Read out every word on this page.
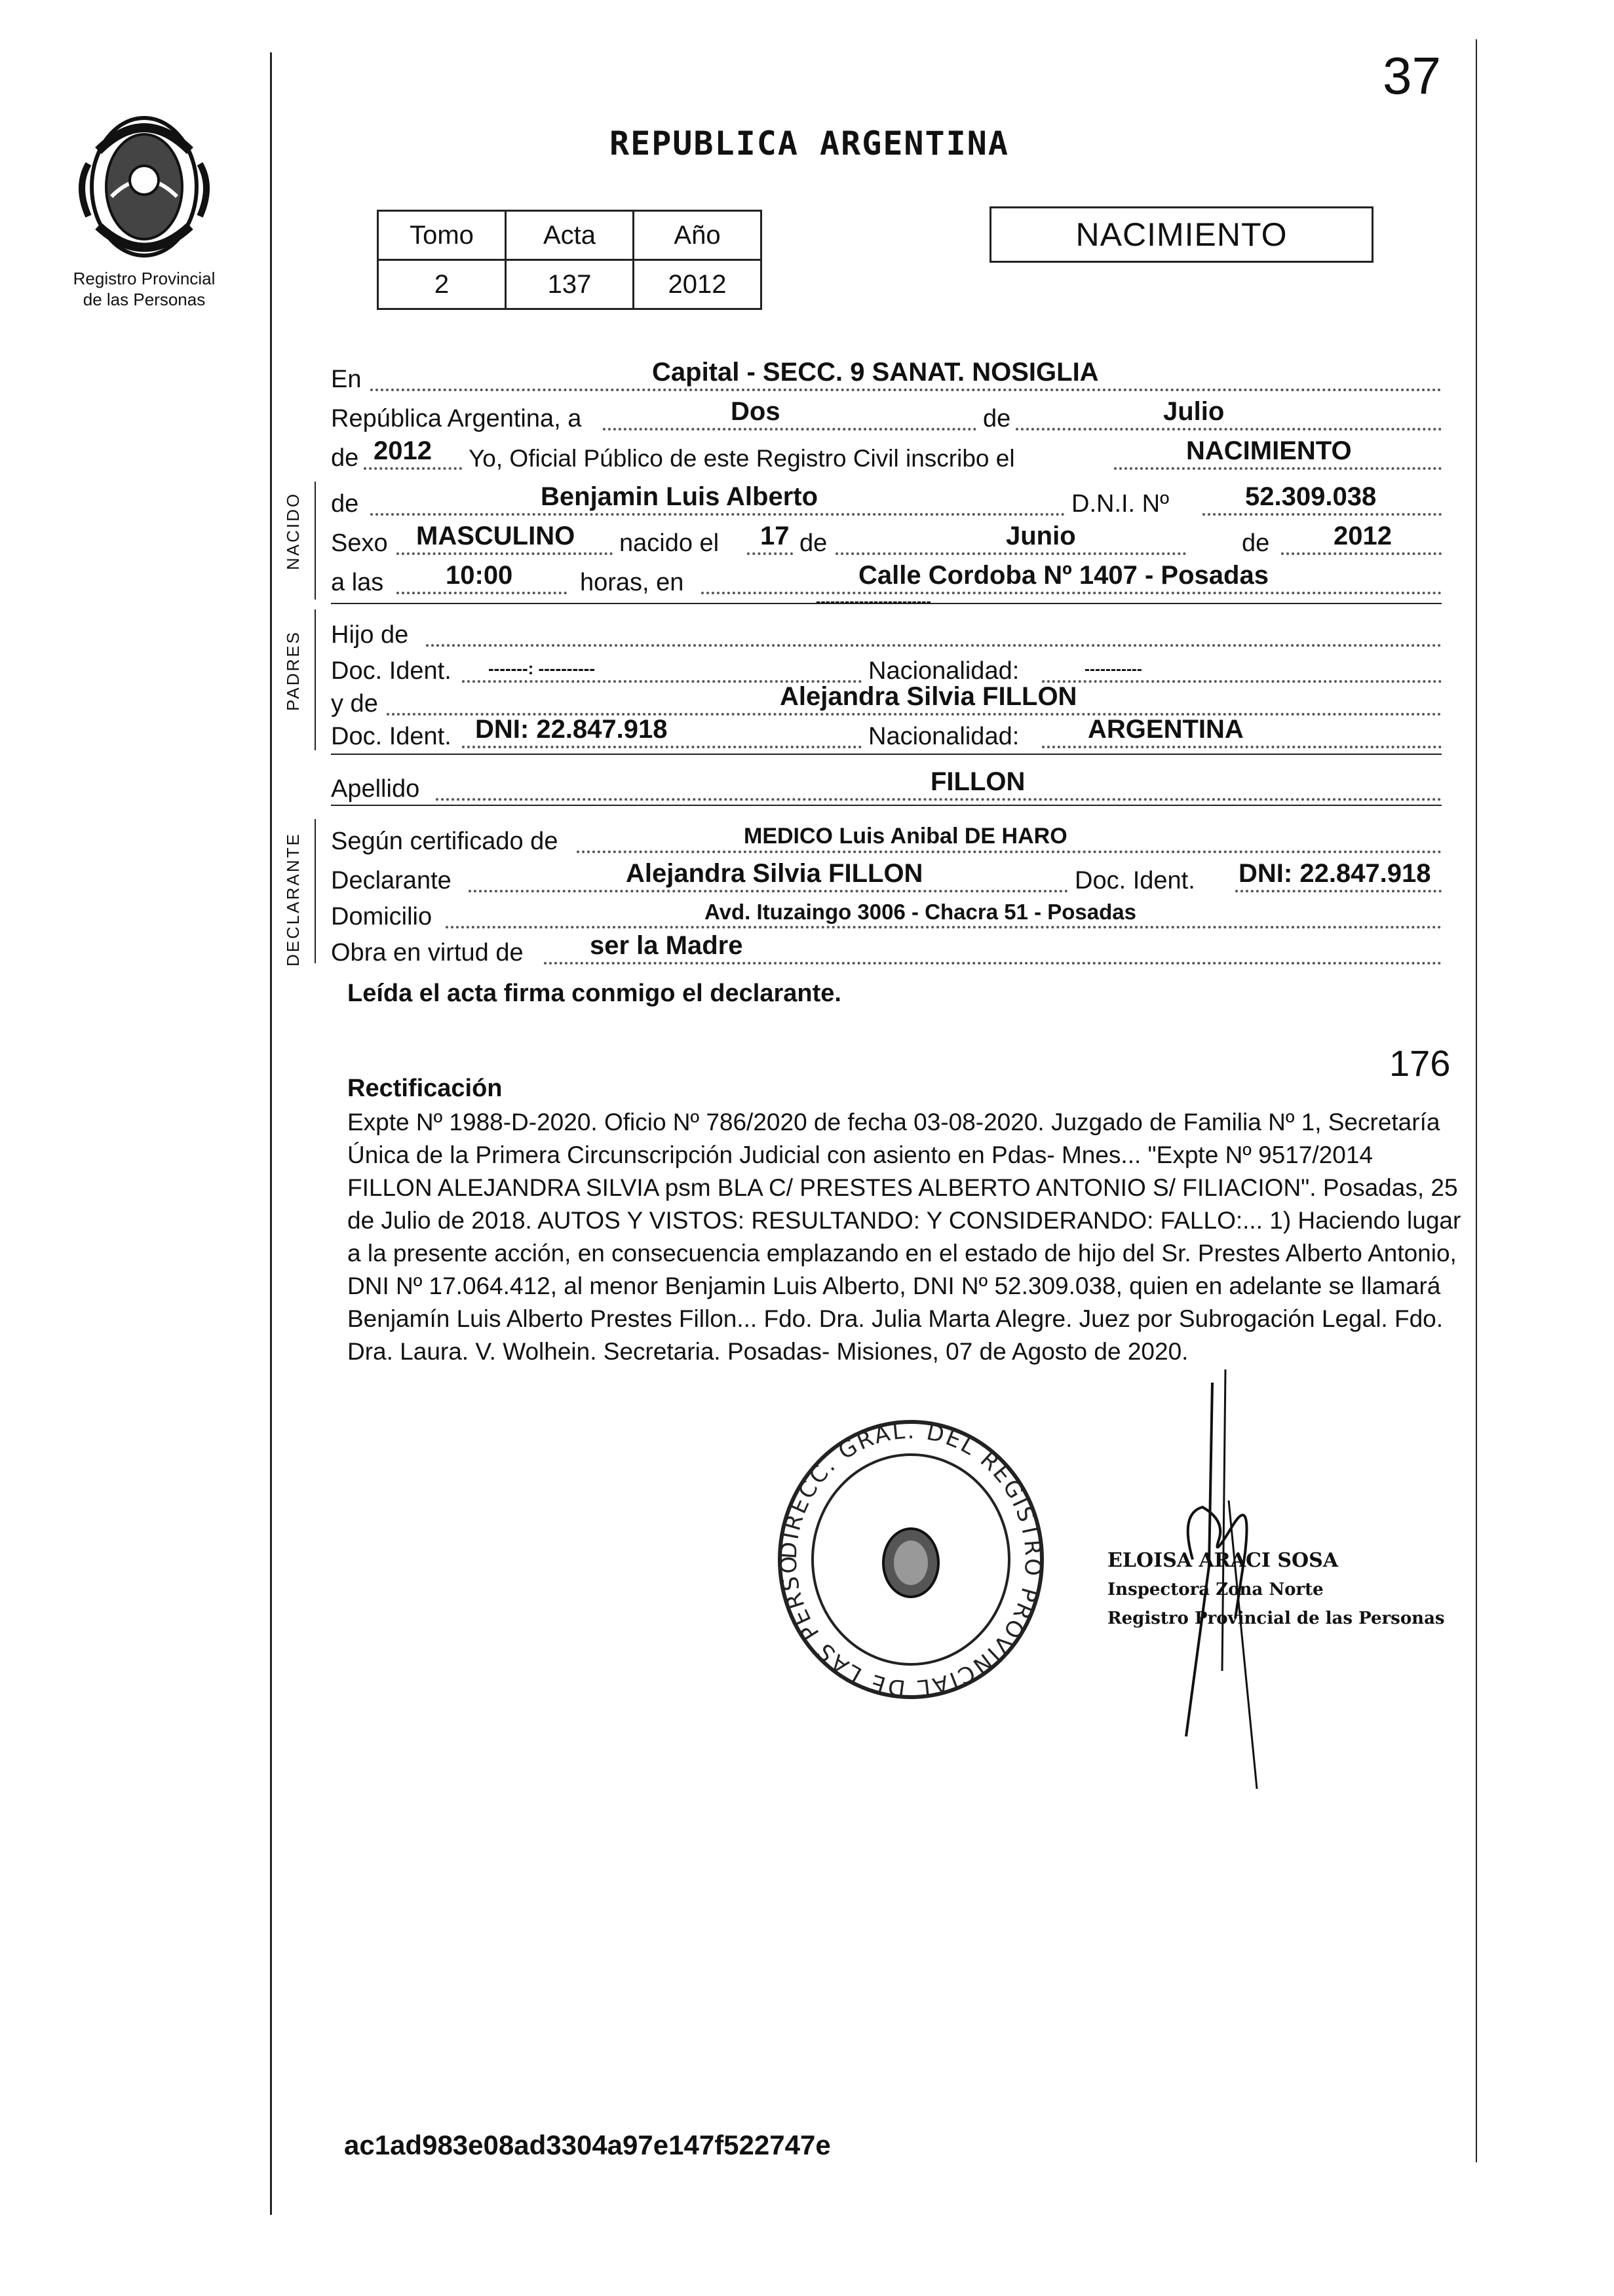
37
Registro Provincial
de las Personas
REPUBLICA ARGENTINA
Tomo	Acta	Año
2	137	2012
NACIMIENTO
En	Capital - SECC. 9 SANAT. NOSIGLIA
República Argentina, a	Dos	de	Julio
de 2012 Yo, Oficial Público de este Registro Civil inscribo el	NACIMIENTO
NACIDO de	Benjamin Luis Alberto	D.N.I. Nº	52.309.038
Sexo MASCULINO nacido el 17 de	Junio	de 2012
a las 10:00	horas, en	Calle Cordoba Nº 1407 - Posadas
PADRES Hijo de
------------------------
Doc. Ident. -------: ----------	Nacionalidad:	-----------
y de	Alejandra Silvia FILLON
Doc. Ident. DNI: 22.847.918	Nacionalidad:	ARGENTINA
Apellido	FILLON
DECLARANTE Según certificado de	MEDICO Luis Anibal DE HARO
Declarante	Alejandra Silvia FILLON	Doc. Ident. DNI: 22.847.918
Domicilio	Avd. Ituzaingo 3006 - Chacra 51 - Posadas
Obra en virtud de	ser la Madre
Leída el acta firma conmigo el declarante.
176
Rectificación
Expte Nº 1988-D-2020. Oficio Nº 786/2020 de fecha 03-08-2020. Juzgado de Familia Nº 1, Secretaría Única de la Primera Circunscripción Judicial con asiento en Pdas- Mnes... "Expte Nº 9517/2014 FILLON ALEJANDRA SILVIA psm BLA C/ PRESTES ALBERTO ANTONIO S/ FILIACION". Posadas, 25 de Julio de 2018. AUTOS Y VISTOS: RESULTANDO: Y CONSIDERANDO: FALLO:... 1) Haciendo lugar a la presente acción, en consecuencia emplazando en el estado de hijo del Sr. Prestes Alberto Antonio, DNI Nº 17.064.412, al menor Benjamin Luis Alberto, DNI Nº 52.309.038, quien en adelante se llamará Benjamín Luis Alberto Prestes Fillon... Fdo. Dra. Julia Marta Alegre. Juez por Subrogación Legal. Fdo. Dra. Laura. V. Wolhein. Secretaria. Posadas- Misiones, 07 de Agosto de 2020.
DIRECC. GRAL. DEL REGISTRO PROVINCIAL DE LAS PERSO	ELOISA ARACI SOSA
Inspectora Zona Norte
Registro Provincial de las Personas
ac1ad983e08ad3304a97e147f522747e
